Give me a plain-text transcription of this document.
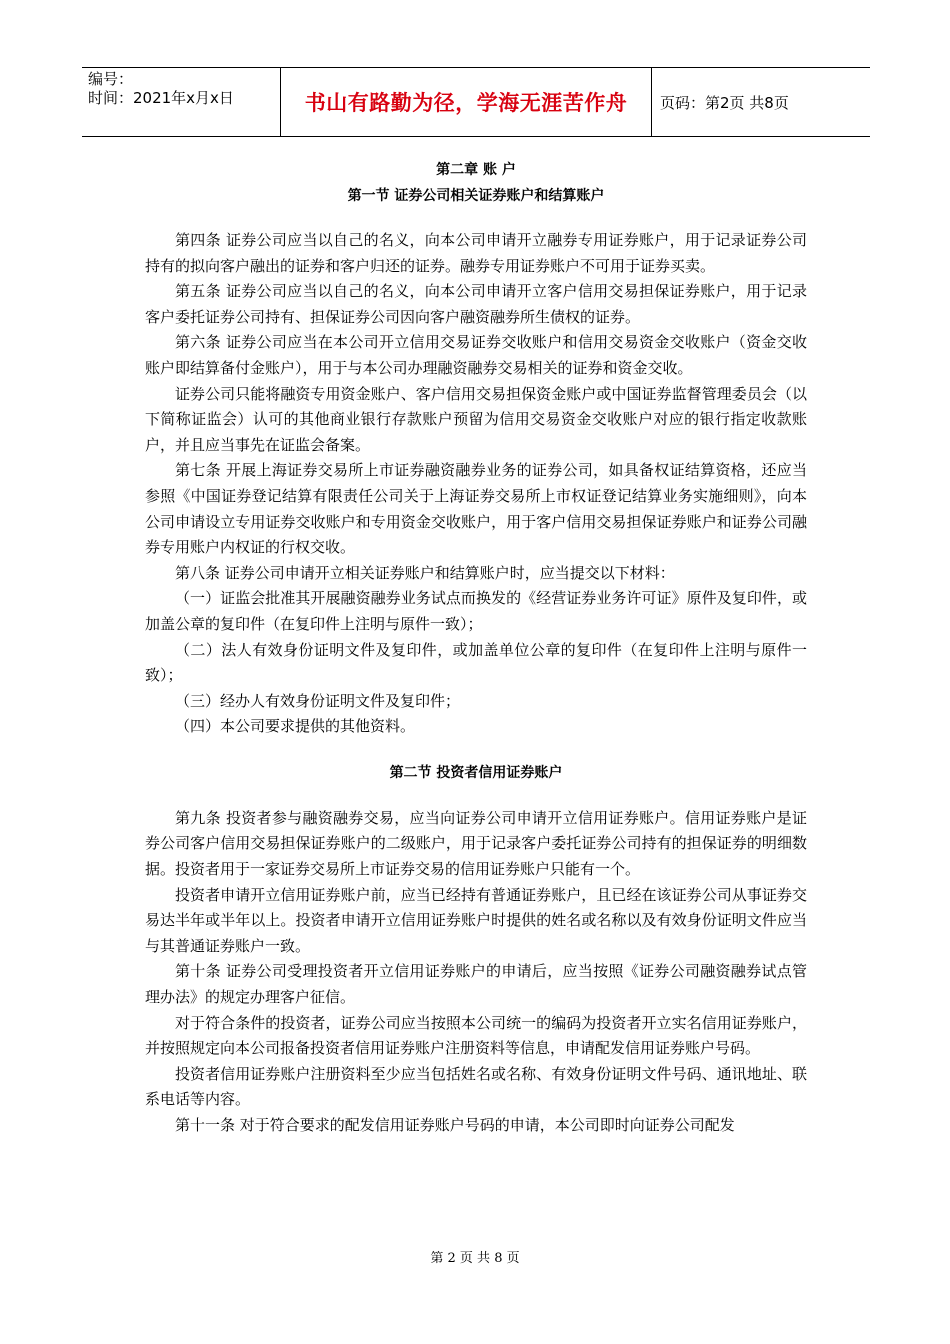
编号：
时间：2021年x月x日	书山有路勤为径，学海无涯苦作舟	页码：第2页 共8页
第二章 账 户
第一节 证券公司相关证券账户和结算账户

第四条 证券公司应当以自己的名义，向本公司申请开立融券专用证券账户，用于记录证券公司持有的拟向客户融出的证券和客户归还的证券。融券专用证券账户不可用于证券买卖。

第五条 证券公司应当以自己的名义，向本公司申请开立客户信用交易担保证券账户，用于记录客户委托证券公司持有、担保证券公司因向客户融资融券所生债权的证券。

第六条 证券公司应当在本公司开立信用交易证券交收账户和信用交易资金交收账户（资金交收账户即结算备付金账户），用于与本公司办理融资融券交易相关的证券和资金交收。

证券公司只能将融资专用资金账户、客户信用交易担保资金账户或中国证券监督管理委员会（以下简称证监会）认可的其他商业银行存款账户预留为信用交易资金交收账户对应的银行指定收款账户，并且应当事先在证监会备案。

第七条 开展上海证券交易所上市证券融资融券业务的证券公司，如具备权证结算资格，还应当参照《中国证券登记结算有限责任公司关于上海证券交易所上市权证登记结算业务实施细则》，向本公司申请设立专用证券交收账户和专用资金交收账户，用于客户信用交易担保证券账户和证券公司融券专用账户内权证的行权交收。

第八条 证券公司申请开立相关证券账户和结算账户时，应当提交以下材料：

（一）证监会批准其开展融资融券业务试点而换发的《经营证券业务许可证》原件及复印件，或加盖公章的复印件（在复印件上注明与原件一致）；

（二）法人有效身份证明文件及复印件，或加盖单位公章的复印件（在复印件上注明与原件一致）；

（三）经办人有效身份证明文件及复印件；

（四）本公司要求提供的其他资料。

第二节 投资者信用证券账户

第九条 投资者参与融资融券交易，应当向证券公司申请开立信用证券账户。信用证券账户是证券公司客户信用交易担保证券账户的二级账户，用于记录客户委托证券公司持有的担保证券的明细数据。投资者用于一家证券交易所上市证券交易的信用证券账户只能有一个。

投资者申请开立信用证券账户前，应当已经持有普通证券账户，且已经在该证券公司从事证券交易达半年或半年以上。投资者申请开立信用证券账户时提供的姓名或名称以及有效身份证明文件应当与其普通证券账户一致。

第十条 证券公司受理投资者开立信用证券账户的申请后，应当按照《证券公司融资融券试点管理办法》的规定办理客户征信。

对于符合条件的投资者，证券公司应当按照本公司统一的编码为投资者开立实名信用证券账户，并按照规定向本公司报备投资者信用证券账户注册资料等信息，申请配发信用证券账户号码。

投资者信用证券账户注册资料至少应当包括姓名或名称、有效身份证明文件号码、通讯地址、联系电话等内容。

第十一条 对于符合要求的配发信用证券账户号码的申请，本公司即时向证券公司配发

第 2 页 共 8 页
